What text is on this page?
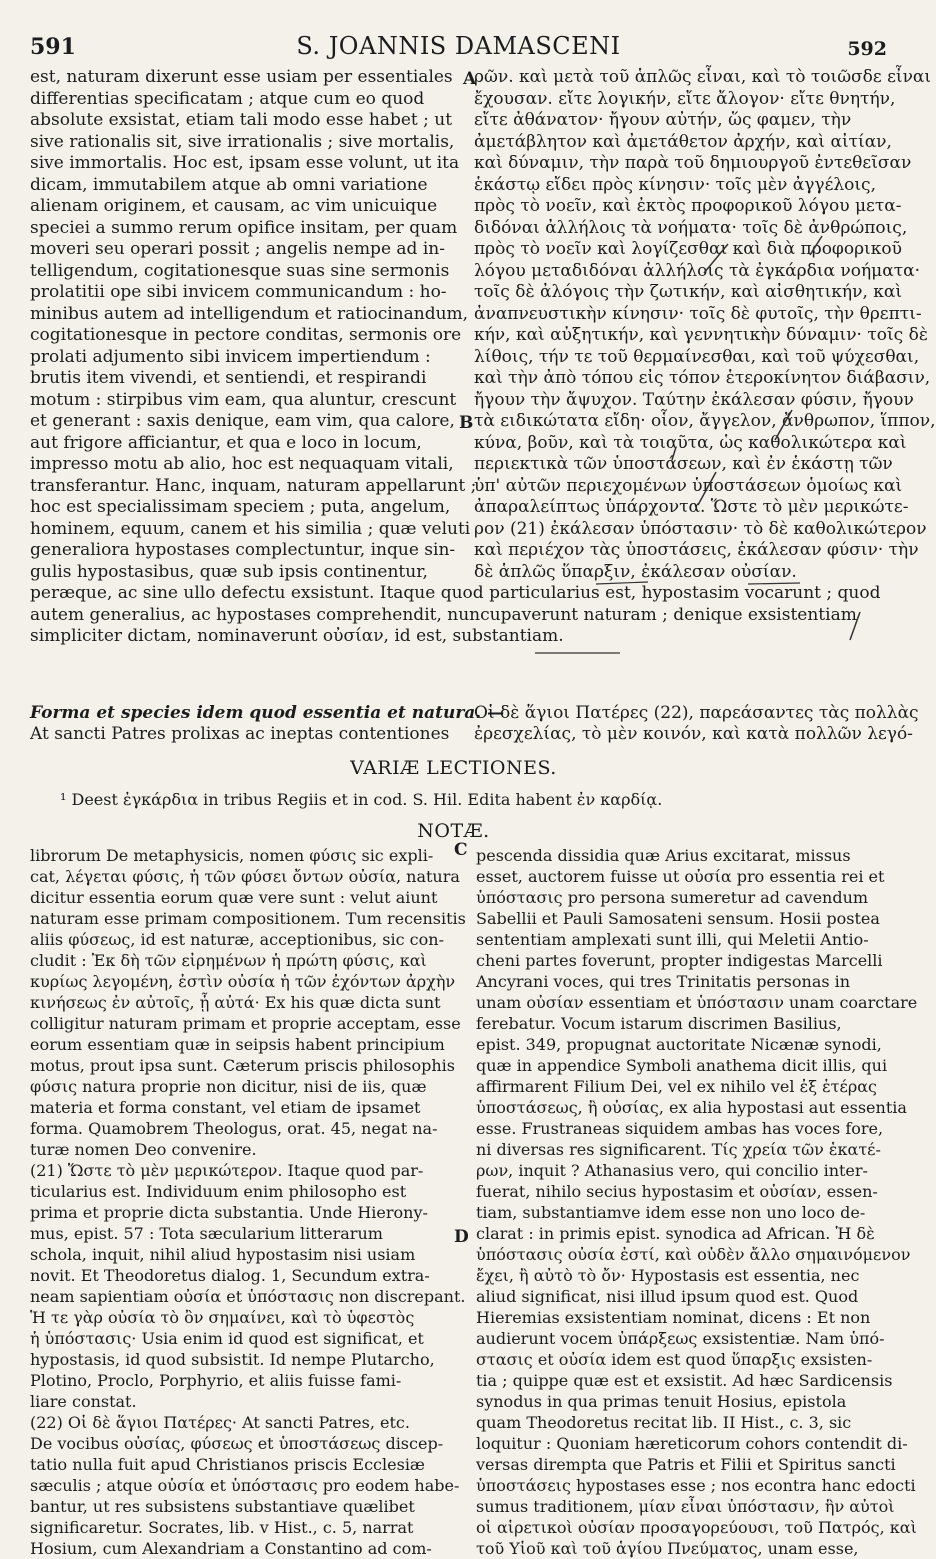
591	S. JOANNIS DAMASCENI	592
A
B
C
D
est, naturam dixerunt esse usiam per essentiales
differentias specificatam ; atque cum eo quod
absolute exsistat, etiam tali modo esse habet ; ut
sive rationalis sit, sive irrationalis ; sive mortalis,
sive immortalis. Hoc est, ipsam esse volunt, ut ita
dicam, immutabilem atque ab omni variatione
alienam originem, et causam, ac vim unicuique
speciei a summo rerum opifice insitam, per quam
moveri seu operari possit ; angelis nempe ad in-
telligendum, cogitationesque suas sine sermonis
prolatitii ope sibi invicem communicandum : ho-
minibus autem ad intelligendum et ratiocinandum,
cogitationesque in pectore conditas, sermonis ore
prolati adjumento sibi invicem impertiendum :
brutis item vivendi, et sentiendi, et respirandi
motum : stirpibus vim eam, qua aluntur, crescunt
et generant : saxis denique, eam vim, qua calore,
aut frigore afficiantur, et qua e loco in locum,
impresso motu ab alio, hoc est nequaquam vitali,
transferantur. Hanc, inquam, naturam appellarunt ;
hoc est specialissimam speciem ; puta, angelum,
hominem, equum, canem et his similia ; quæ veluti
generaliora hypostases complectuntur, inque sin-
gulis hypostasibus, quæ sub ipsis continentur,
peræque, ac sine ullo defectu exsistunt. Itaque quod particularius est, hypostasim vocarunt ; quod
autem generalius, ac hypostases comprehendit, nuncupaverunt naturam ; denique exsistentiam
simpliciter dictam, nominaverunt οὐσίαν, id est, substantiam.
ρῶν. καὶ μετὰ τοῦ ἁπλῶς εἶναι, καὶ τὸ τοιῶσδε εἶναι
ἔχουσαν. εἴτε λογικήν, εἴτε ἄλογον· εἴτε θνητήν,
εἴτε ἀθάνατον· ἤγουν αὐτήν, ὥς φαμεν, τὴν
ἀμετάβλητον καὶ ἀμετάθετον ἀρχήν, καὶ αἰτίαν,
καὶ δύναμιν, τὴν παρὰ τοῦ δημιουργοῦ ἐντεθεῖσαν
ἑκάστῳ εἴδει πρὸς κίνησιν· τοῖς μὲν ἀγγέλοις,
πρὸς τὸ νοεῖν, καὶ ἐκτὸς προφορικοῦ λόγου μετα-
διδόναι ἀλλήλοις τὰ νοήματα· τοῖς δὲ ἀνθρώποις,
πρὸς τὸ νοεῖν καὶ λογίζεσθαι καὶ διὰ προφορικοῦ
λόγου μεταδιδόναι ἀλλήλοις τὰ ἐγκάρδια νοήματα·
τοῖς δὲ ἀλόγοις τὴν ζωτικήν, καὶ αἰσθητικήν, καὶ
ἀναπνευστικὴν κίνησιν· τοῖς δὲ φυτοῖς, τὴν θρεπτι-
κήν, καὶ αὐξητικήν, καὶ γεννητικὴν δύναμιν· τοῖς δὲ
λίθοις, τήν τε τοῦ θερμαίνεσθαι, καὶ τοῦ ψύχεσθαι,
καὶ τὴν ἀπὸ τόπου εἰς τόπον ἑτεροκίνητον διάβασιν,
ἤγουν τὴν ἄψυχον. Ταύτην ἐκάλεσαν φύσιν, ἤγουν
τὰ ειδικώτατα εἴδη· οἷον, ἄγγελον, ἄνθρωπον, ἵππον,
κύνα, βοῦν, καὶ τὰ τοιαῦτα, ὡς καθολικώτερα καὶ
περιεκτικὰ τῶν ὑποστάσεων, καὶ ἐν ἑκάστῃ τῶν
ὑπ' αὐτῶν περιεχομένων ὑποστάσεων ὁμοίως καὶ
ἀπαραλείπτως ὑπάρχοντα. Ὥστε τὸ μὲν μερικώτε-
ρον (21) ἐκάλεσαν ὑπόστασιν· τὸ δὲ καθολικώτερον
καὶ περιέχον τὰς ὑποστάσεις, ἐκάλεσαν φύσιν· τὴν
δὲ ἁπλῶς ὕπαρξιν, ἐκάλεσαν οὐσίαν.
Forma et species idem quod essentia et natura. —
At sancti Patres prolixas ac ineptas contentiones
Οἱ δὲ ἅγιοι Πατέρες (22), παρεάσαντες τὰς πολλὰς
ἐρεσχελίας, τὸ μὲν κοινόν, καὶ κατὰ πολλῶν λεγό-
VARIÆ LECTIONES.
¹ Deest ἐγκάρδια in tribus Regiis et in cod. S. Hil. Edita habent ἐν καρδίᾳ.
NOTÆ.
librorum De metaphysicis, nomen φύσις sic expli-
cat, λέγεται φύσις, ἡ τῶν φύσει ὄντων οὐσία, natura
dicitur essentia eorum quæ vere sunt : velut aiunt
naturam esse primam compositionem. Tum recensitis
aliis φύσεως, id est naturæ, acceptionibus, sic con-
cludit : Ἐκ δὴ τῶν εἰρημένων ἡ πρώτη φύσις, καὶ
κυρίως λεγομένη, ἐστὶν οὐσία ἡ τῶν ἐχόντων ἀρχὴν
κινήσεως ἐν αὐτοῖς, ᾗ αὐτά· Ex his quæ dicta sunt
colligitur naturam primam et proprie acceptam, esse
eorum essentiam quæ in seipsis habent principium
motus, prout ipsa sunt. Cæterum priscis philosophis
φύσις natura proprie non dicitur, nisi de iis, quæ
materia et forma constant, vel etiam de ipsamet
forma. Quamobrem Theologus, orat. 45, negat na-
turæ nomen Deo convenire.
(21) Ὥστε τὸ μὲν μερικώτερον. Itaque quod par-
ticularius est. Individuum enim philosopho est
prima et proprie dicta substantia. Unde Hierony-
mus, epist. 57 : Tota sæcularium litterarum
schola, inquit, nihil aliud hypostasim nisi usiam
novit. Et Theodoretus dialog. 1, Secundum extra-
neam sapientiam οὐσία et ὑπόστασις non discrepant.
Ἡ τε γὰρ οὐσία τὸ ὂν σημαίνει, καὶ τὸ ὑφεστὸς
ἡ ὑπόστασις· Usia enim id quod est significat, et
hypostasis, id quod subsistit. Id nempe Plutarcho,
Plotino, Proclo, Porphyrio, et aliis fuisse fami-
liare constat.
(22) Οἱ δὲ ἅγιοι Πατέρες· At sancti Patres, etc.
De vocibus οὐσίας, φύσεως et ὑποστάσεως discep-
tatio nulla fuit apud Christianos priscis Ecclesiæ
sæculis ; atque οὐσία et ὑπόστασις pro eodem habe-
bantur, ut res subsistens substantiave quælibet
significaretur. Socrates, lib. v Hist., c. 5, narrat
Hosium, cum Alexandriam a Constantino ad com-
pescenda dissidia quæ Arius excitarat, missus
esset, auctorem fuisse ut οὐσία pro essentia rei et
ὑπόστασις pro persona sumeretur ad cavendum
Sabellii et Pauli Samosateni sensum. Hosii postea
sententiam amplexati sunt illi, qui Meletii Antio-
cheni partes foverunt, propter indigestas Marcelli
Ancyrani voces, qui tres Trinitatis personas in
unam οὐσίαν essentiam et ὑπόστασιν unam coarctare
ferebatur. Vocum istarum discrimen Basilius,
epist. 349, propugnat auctoritate Nicænæ synodi,
quæ in appendice Symboli anathema dicit illis, qui
affirmarent Filium Dei, vel ex nihilo vel ἐξ ἑτέρας
ὑποστάσεως, ἢ οὐσίας, ex alia hypostasi aut essentia
esse. Frustraneas siquidem ambas has voces fore,
ni diversas res significarent. Τίς χρεία τῶν ἑκατέ-
ρων, inquit ? Athanasius vero, qui concilio inter-
fuerat, nihilo secius hypostasim et οὐσίαν, essen-
tiam, substantiamve idem esse non uno loco de-
clarat : in primis epist. synodica ad African. Ἡ δὲ
ὑπόστασις οὐσία ἐστί, καὶ οὐδὲν ἄλλο σημαινόμενον
ἔχει, ἢ αὐτὸ τὸ ὄν· Hypostasis est essentia, nec
aliud significat, nisi illud ipsum quod est. Quod
Hieremias exsistentiam nominat, dicens : Et non
audierunt vocem ὑπάρξεως exsistentiæ. Nam ὑπό-
στασις et οὐσία idem est quod ὕπαρξις exsisten-
tia ; quippe quæ est et exsistit. Ad hæc Sardicensis
synodus in qua primas tenuit Hosius, epistola
quam Theodoretus recitat lib. II Hist., c. 3, sic
loquitur : Quoniam hæreticorum cohors contendit di-
versas dirempta que Patris et Filii et Spiritus sancti
ὑποστάσεις hypostases esse ; nos econtra hanc edocti
sumus traditionem, μίαν εἶναι ὑπόστασιν, ἣν αὐτοὶ
οἱ αἱρετικοὶ οὐσίαν προσαγορεύουσι, τοῦ Πατρός, καὶ
τοῦ Υἱοῦ καὶ τοῦ ἁγίου Πνεύματος, unam esse,
